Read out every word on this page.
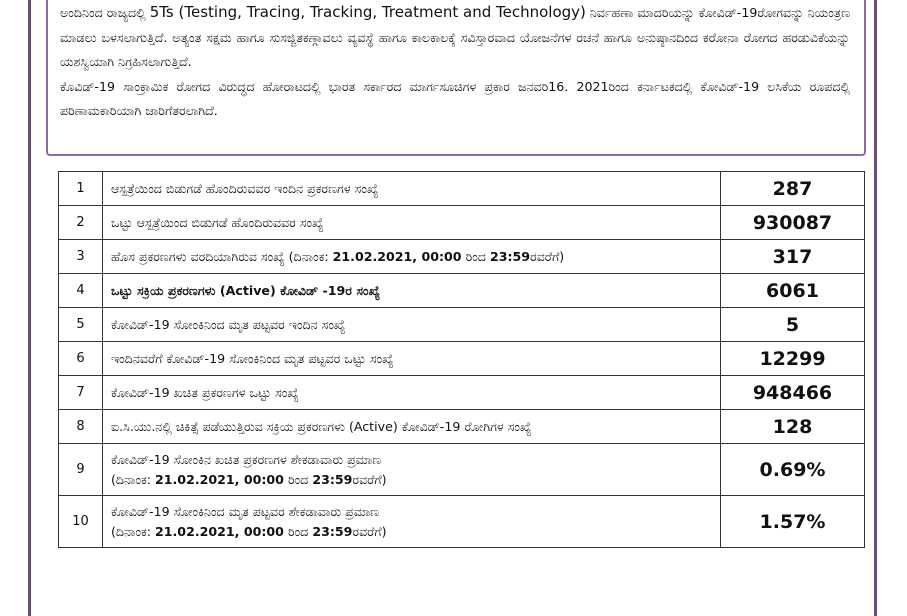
ಅಂದಿನಿಂದ ರಾಜ್ಯದಲ್ಲಿ 5Ts (Testing, Tracing, Tracking, Treatment and Technology) ನಿರ್ವಹಣಾ ಮಾದರಿಯನ್ನು ಕೋವಿಡ್-19ರೋಗವನ್ನು ನಿಯಂತ್ರಣ ಮಾಡಲು ಬಳಸಲಾಗುತ್ತಿದೆ. ಅತ್ಯಂತ ಸಕ್ಷಮ ಹಾಗೂ ಸುಸಜ್ಜಿತಕಣ್ಗಾವಲು ವ್ಯವಸ್ಥೆ ಹಾಗೂ ಕಾಲಕಾಲಕ್ಕೆ ಸವಿಸ್ತಾರವಾದ ಯೋಜನೆಗಳ ರಚನೆ ಹಾಗೂ ಅನುಷ್ಠಾನದಿಂದ ಕರೋನಾ ರೋಗದ ಹರಡುವಿಕೆಯನ್ನು ಯಶಸ್ವಿಯಾಗಿ ನಿಗ್ರಹಿಸಲಾಗುತ್ತಿದೆ.

ಕೊವಿಡ್-19 ಸಾಂಕ್ರಾಮಿಕ ರೋಗದ ವಿರುದ್ಧದ ಹೋರಾಟದಲ್ಲಿ ಭಾರತ ಸರ್ಕಾರದ ಮಾರ್ಗಸೂಚಿಗಳ ಪ್ರಕಾರ ಜನವರಿ16. 2021ರಿಂದ ಕರ್ನಾಟಕದಲ್ಲಿ ಕೋವಿಡ್-19 ಲಸಿಕೆಯ ರೂಪದಲ್ಲಿ ಪರಿಣಾಮಕಾರಿಯಾಗಿ ಜಾರಿಗೆತರಲಾಗಿದೆ.

1	ಆಸ್ಪತ್ರೆಯಿಂದ ಬಿಡುಗಡೆ ಹೊಂದಿರುವವರ ಇಂದಿನ ಪ್ರಕರಣಗಳ ಸಂಖ್ಯೆ	287
2	ಒಟ್ಟು ಆಸ್ಪತ್ರೆಯಿಂದ ಬಿಡುಗಡೆ ಹೊಂದಿರುವವರ ಸಂಖ್ಯೆ	930087
3	ಹೊಸ ಪ್ರಕರಣಗಳು ವರದಿಯಾಗಿರುವ ಸಂಖ್ಯೆ (ದಿನಾಂಕ: 21.02.2021, 00:00 ರಿಂದ 23:59ರವರೆಗೆ)	317
4	ಒಟ್ಟು ಸಕ್ರಿಯ ಪ್ರಕರಣಗಳು (Active) ಕೋವಿಡ್ -19ರ ಸಂಖ್ಯೆ	6061
5	ಕೋವಿಡ್-19 ಸೋಂಕಿನಿಂದ ಮೃತ ಪಟ್ಟವರ ಇಂದಿನ ಸಂಖ್ಯೆ	5
6	ಇಂದಿನವರೆಗೆ ಕೋವಿಡ್-19 ಸೋಂಕಿನಿಂದ ಮೃತ ಪಟ್ಟವರ ಒಟ್ಟು ಸಂಖ್ಯೆ	12299
7	ಕೋವಿಡ್-19 ಖಚಿತ ಪ್ರಕರಣಗಳ ಒಟ್ಟು ಸಂಖ್ಯೆ	948466
8	ಐ.ಸಿ.ಯು.ನಲ್ಲಿ ಚಿಕಿತ್ಸೆ ಪಡೆಯುತ್ತಿರುವ ಸಕ್ರಿಯ ಪ್ರಕರಣಗಳು (Active) ಕೋವಿಡ್-19 ರೋಗಿಗಳ ಸಂಖ್ಯೆ	128
9	ಕೋವಿಡ್-19 ಸೋಂಕಿನ ಖಚಿತ ಪ್ರಕರಣಗಳ ಶೇಕಡಾವಾರು ಪ್ರಮಾಣ
(ದಿನಾಂಕ: 21.02.2021, 00:00 ರಿಂದ 23:59ರವರೆಗೆ)	0.69%
10	ಕೋವಿಡ್-19 ಸೋಂಕಿನಿಂದ ಮೃತ ಪಟ್ಟವರ ಶೇಕಡಾವಾರು ಪ್ರಮಾಣ
(ದಿನಾಂಕ: 21.02.2021, 00:00 ರಿಂದ 23:59ರವರೆಗೆ)	1.57%
